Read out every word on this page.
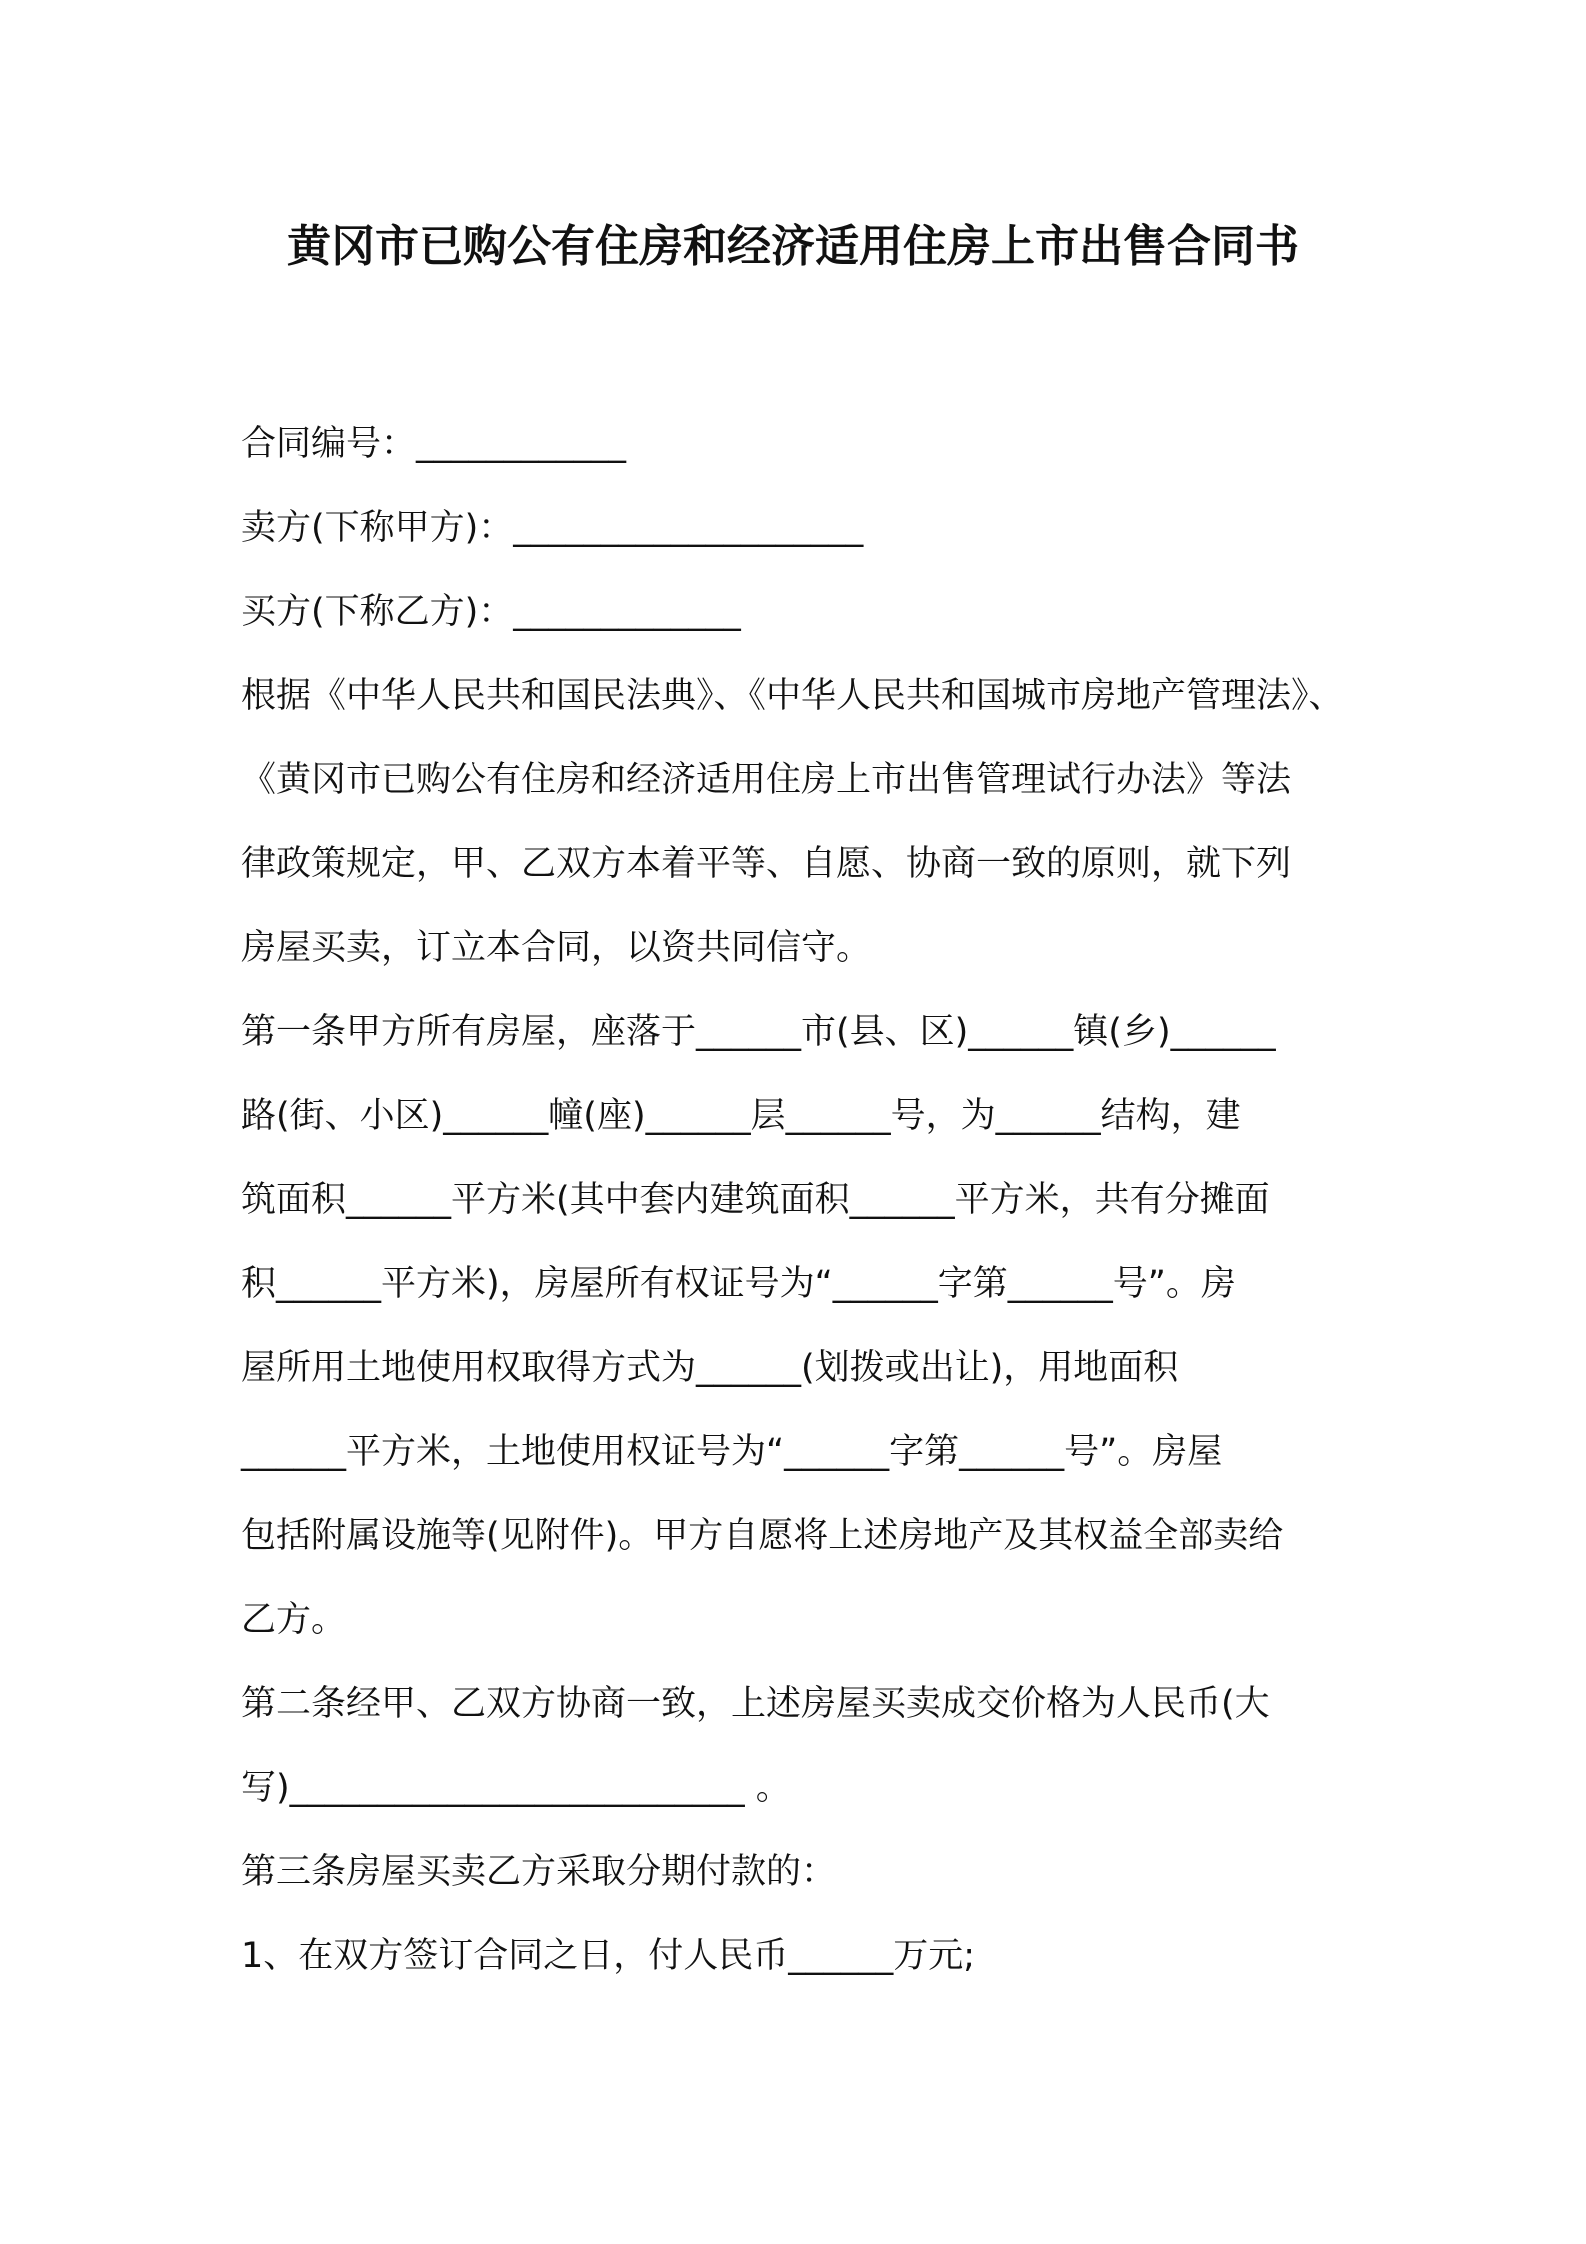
黄冈市已购公有住房和经济适用住房上市出售合同书

合同编号：____________

卖方(下称甲方)：____________________

买方(下称乙方)：_____________

根据《中华人民共和国民法典》、《中华人民共和国城市房地产管理法》、

《黄冈市已购公有住房和经济适用住房上市出售管理试行办法》等法

律政策规定，甲、乙双方本着平等、自愿、协商一致的原则，就下列

房屋买卖，订立本合同，以资共同信守。

第一条甲方所有房屋，座落于______市(县、区)______镇(乡)______

路(街、小区)______幢(座)______层______号，为______结构，建

筑面积______平方米(其中套内建筑面积______平方米，共有分摊面

积______平方米)，房屋所有权证号为“______字第______号”。房

屋所用土地使用权取得方式为______(划拨或出让)，用地面积

______平方米，土地使用权证号为“______字第______号”。房屋

包括附属设施等(见附件)。甲方自愿将上述房地产及其权益全部卖给

乙方。

第二条经甲、乙双方协商一致，上述房屋买卖成交价格为人民币(大

写)__________________________ 。

第三条房屋买卖乙方采取分期付款的：

1、在双方签订合同之日，付人民币______万元;
